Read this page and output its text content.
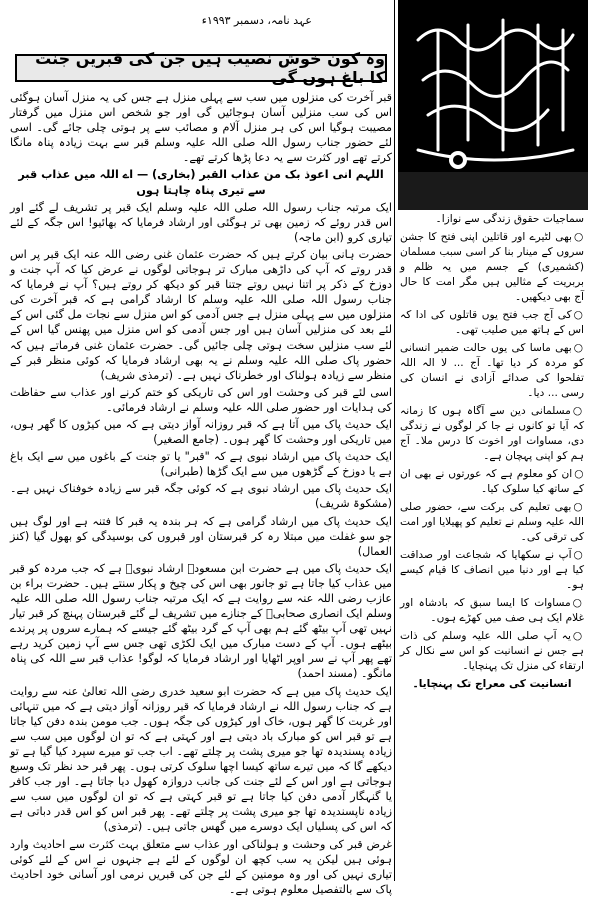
عہد نامہ، دسمبر ۱۹۹۳ء
وہ کون خوش نصیب ہیں جن کی قبریں جنت کا باغ ہوں گی

قبر آخرت کی منزلوں میں سب سے پہلی منزل ہے جس کی یہ منزل آسان ہوگئی اس کی سب منزلیں آسان ہوجائیں گی اور جو شخص اس منزل میں گرفتار مصیبت ہوگیا اس کی ہر منزل آلام و مصائب سے پر ہوتی چلی جائے گی۔ اسی لئے حضور جناب رسول اللہ صلی اللہ علیہ وسلم قبر سے بہت زیادہ پناہ مانگا کرتے تھے اور کثرت سے یہ دعا پڑھا کرتے تھے۔

اللہم انی اعوذ بک من عذاب القبر (بخاری) — اے اللہ میں عذاب قبر سے تیری پناہ چاہتا ہوں

ایک مرتبہ جناب رسول اللہ صلی اللہ علیہ وسلم ایک قبر پر تشریف لے گئے اور اس قدر روئے کہ زمین بھی تر ہوگئی اور ارشاد فرمایا کہ بھائیو! اس جگہ کے لئے تیاری کرو (ابن ماجہ)

حضرت ہانی بیان کرتے ہیں کہ حضرت عثمان غنی رضی اللہ عنہ ایک قبر پر اس قدر روتے کہ آپ کی داڑھی مبارک تر ہوجاتی لوگوں نے عرض کیا کہ آپ جنت و دوزخ کے ذکر پر اتنا نہیں روتے جتنا قبر کو دیکھ کر روتے ہیں؟ آپ نے فرمایا کہ جناب رسول اللہ صلی اللہ علیہ وسلم کا ارشاد گرامی ہے کہ قبر آخرت کی منزلوں میں سے پہلی منزل ہے جس آدمی کو اس منزل سے نجات مل گئی اس کے لئے بعد کی منزلیں آسان ہیں اور جس آدمی کو اس منزل میں پھنس گیا اس کے لئے سب منزلیں سخت ہوتی چلی جائیں گی۔ حضرت عثمان غنی فرماتے ہیں کہ حضور پاک صلی اللہ علیہ وسلم نے یہ بھی ارشاد فرمایا کہ کوئی منظر قبر کے منظر سے زیادہ ہولناک اور خطرناک نہیں ہے۔ (ترمذی شریف)

اسی لئے قبر کی وحشت اور اس کی تاریکی کو ختم کرنے اور عذاب سے حفاظت کی ہدایات اور حضور صلی اللہ علیہ وسلم نے ارشاد فرمائی۔

ایک حدیث پاک میں آتا ہے کہ قبر روزانہ آواز دیتی ہے کہ میں کیڑوں کا گھر ہوں، میں تاریکی اور وحشت کا گھر ہوں۔ (جامع الصغیر)

ایک حدیث پاک میں ارشاد نبوی ہے کہ "قبر" یا تو جنت کے باغوں میں سے ایک باغ ہے یا دوزخ کے گڑھوں میں سے ایک گڑھا (طبرانی)

ایک حدیث پاک میں ارشاد نبوی ہے کہ کوئی جگہ قبر سے زیادہ خوفناک نہیں ہے۔ (مشکوۃ شریف)

ایک حدیث پاک میں ارشاد گرامی ہے کہ ہر بندہ یہ قبر کا فتنہ ہے اور لوگ ہیں جو سو غفلت میں مبتلا رہ کر قبرستان اور قبروں کی بوسیدگی کو بھول گیا (کنز العمال)

ایک حدیث پاک میں ہے حضرت ابن مسعودؓ ارشاد نبویؐ ہے کہ جب مردہ کو قبر میں عذاب کیا جاتا ہے تو جانور بھی اس کی چیخ و پکار سنتے ہیں۔ حضرت براء بن عازب رضی اللہ عنہ سے روایت ہے کہ ایک مرتبہ جناب رسول اللہ صلی اللہ علیہ وسلم ایک انصاری صحابیؓ کے جنازے میں تشریف لے گئے قبرستان پہنچ کر قبر تیار نہیں تھی آپ بیٹھ گئے ہم بھی آپ کے گرد بیٹھ گئے جیسے کہ ہمارے سروں پر پرندے بیٹھے ہوں۔ آپ کے دست مبارک میں ایک لکڑی تھی جس سے آپ زمین کرید رہے تھے پھر آپ نے سر اوپر اٹھایا اور ارشاد فرمایا کہ لوگو! عذاب قبر سے اللہ کی پناہ مانگو۔ (مسند احمد)

ایک حدیث پاک میں ہے کہ حضرت ابو سعید خدری رضی اللہ تعالیٰ عنہ سے روایت ہے کہ جناب رسول اللہ نے ارشاد فرمایا کہ قبر روزانہ آواز دیتی ہے کہ میں تنہائی اور غربت کا گھر ہوں، خاک اور کیڑوں کی جگہ ہوں۔ جب مومن بندہ دفن کیا جاتا ہے تو قبر اس کو مبارک باد دیتی ہے اور کہتی ہے کہ تو ان لوگوں میں سب سے زیادہ پسندیدہ تھا جو میری پشت پر چلتے تھے۔ اب جب تو میرے سپرد کیا گیا ہے تو دیکھے گا کہ میں تیرے ساتھ کیسا اچھا سلوک کرتی ہوں۔ پھر قبر حد نظر تک وسیع ہوجاتی ہے اور اس کے لئے جنت کی جانب دروازہ کھول دیا جاتا ہے۔ اور جب کافر یا گنہگار آدمی دفن کیا جاتا ہے تو قبر کہتی ہے کہ تو ان لوگوں میں سب سے زیادہ ناپسندیدہ تھا جو میری پشت پر چلتے تھے۔ پھر قبر اس کو اس قدر دباتی ہے کہ اس کی پسلیاں ایک دوسرے میں گھس جاتی ہیں۔ (ترمذی)

غرض قبر کی وحشت و ہولناکی اور عذاب سے متعلق بہت کثرت سے احادیث وارد ہوئی ہیں لیکن یہ سب کچھ ان لوگوں کے لئے ہے جنہوں نے اس کے لئے کوئی تیاری نہیں کی اور وہ مومنین کے لئے جن کی قبریں نرمی اور آسانی خود احادیث پاک سے بالتفصیل معلوم ہوتی ہے۔

سماجیات حقوق زندگی سے نوازا۔

○ بھی لٹیرے اور قاتلین اپنی فتح کا جشن سروں کے مینار بنا کر اسی سبب مسلمان (کشمیری) کے جسم میں یہ ظلم و بربریت کے مثالیں ہیں مگر امت کا حال آج بھی دیکھیں۔

○ کی آج جب فتح یوں قاتلوں کی ادا کہ اس کے ہاتھ میں صلیب تھی۔

○ بھی ماسا کی یوں حالت ضمیر انسانی کو مردہ کر دیا تھا۔ آج ... لا الہ اللہ تفلحوا کی صدائے آزادی نے انسان کی رسی ... دیا۔

○ مسلمانی دین سے آگاہ ہوں کا زمانہ کہ آیا تو کانوں نے جا کر لوگوں نے زندگی دی، مساوات اور اخوت کا درس ملا۔ آج ہم کو اپنی پہچان ہے۔

○ ان کو معلوم ہے کہ عورتوں نے بھی ان کے ساتھ کیا سلوک کیا۔

○ بھی تعلیم کی برکت سے، حضور صلی اللہ علیہ وسلم نے تعلیم کو پھیلایا اور امت کی ترقی کی۔

○ آپ نے سکھایا کہ شجاعت اور صداقت کیا ہے اور دنیا میں انصاف کا قیام کیسے ہو۔

○ مساوات کا ایسا سبق کہ بادشاہ اور غلام ایک ہی صف میں کھڑے ہوں۔

○ یہ آپ صلی اللہ علیہ وسلم کی ذات ہے جس نے انسانیت کو اس سے نکال کر ارتقاء کی منزل تک پہنچایا۔

انسانیت کی معراج تک پہنچایا۔
